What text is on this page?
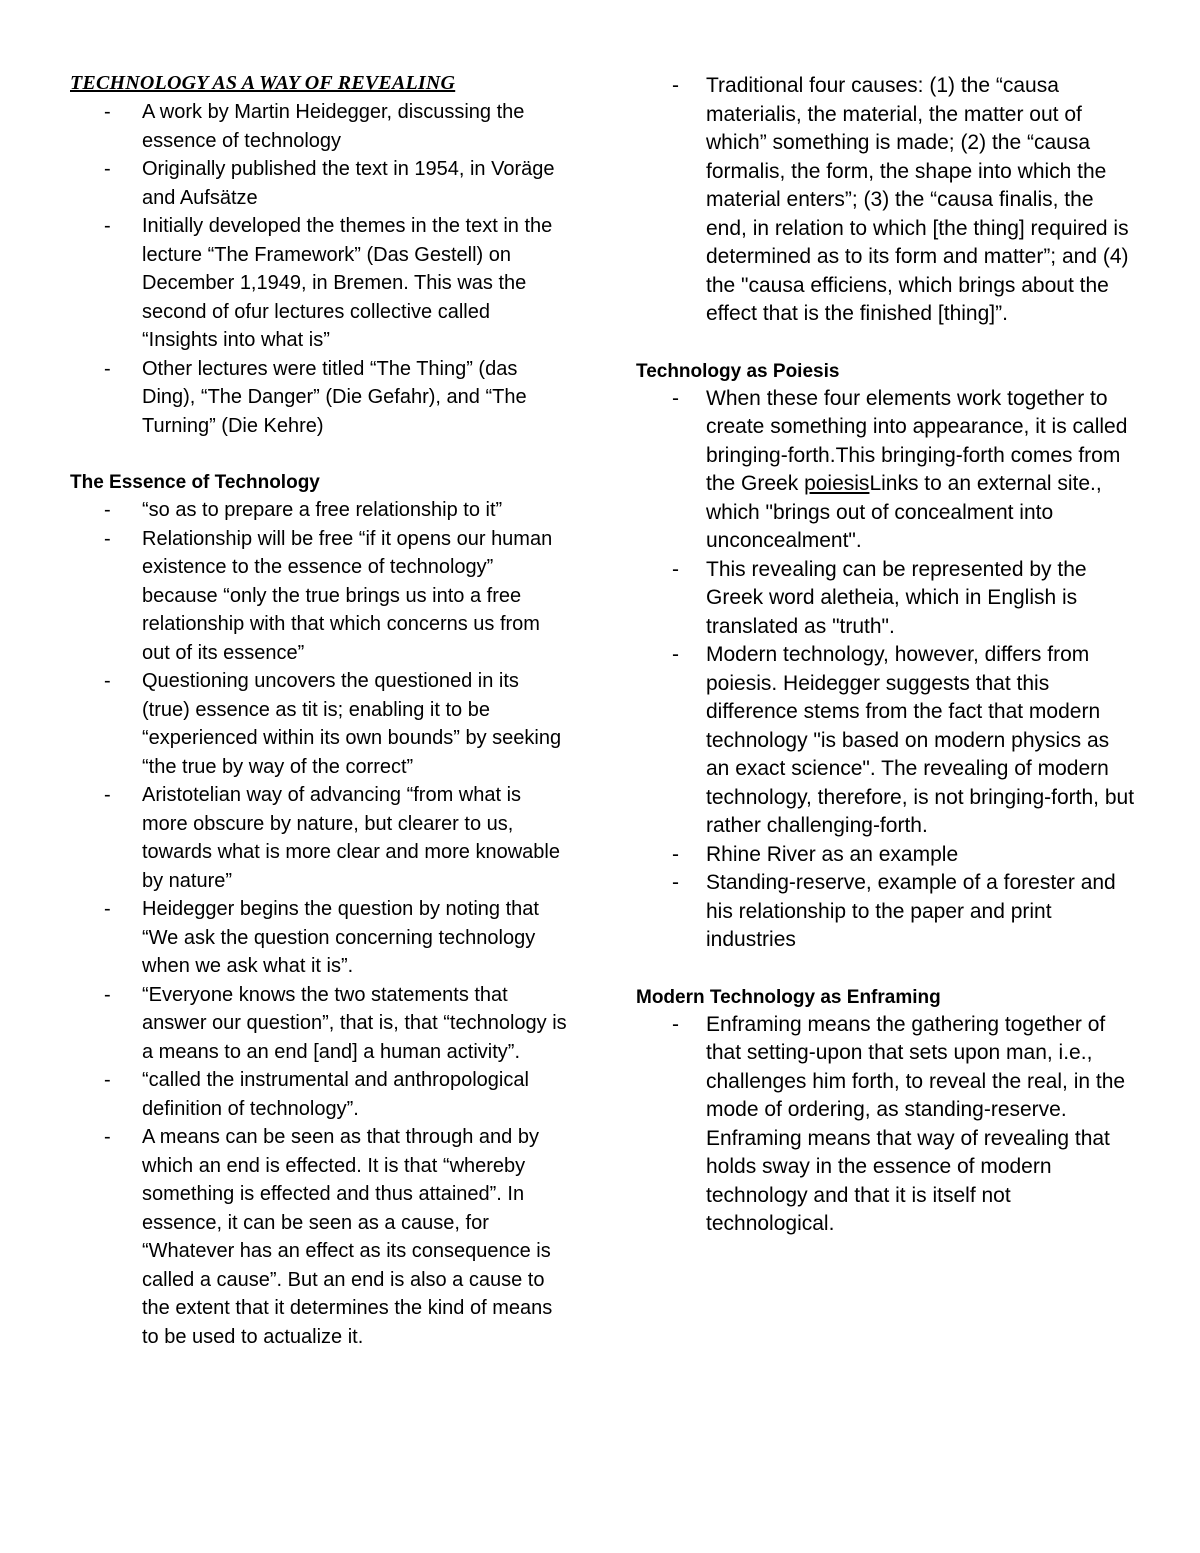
TECHNOLOGY AS A WAY OF REVEALING
- A work by Martin Heidegger, discussing the essence of technology
- Originally published the text in 1954, in Voräge and Aufsätze
- Initially developed the themes in the text in the lecture “The Framework” (Das Gestell) on December 1,1949, in Bremen. This was the second of ofur lectures collective called “Insights into what is”
- Other lectures were titled “The Thing” (das Ding), “The Danger” (Die Gefahr), and “The Turning” (Die Kehre)
The Essence of Technology
- “so as to prepare a free relationship to it”
- Relationship will be free “if it opens our human existence to the essence of technology” because “only the true brings us into a free relationship with that which concerns us from out of its essence”
- Questioning uncovers the questioned in its (true) essence as tit is; enabling it to be “experienced within its own bounds” by seeking “the true by way of the correct”
- Aristotelian way of advancing “from what is more obscure by nature, but clearer to us, towards what is more clear and more knowable by nature”
- Heidegger begins the question by noting that “We ask the question concerning technology when we ask what it is”.
- “Everyone knows the two statements that answer our question”, that is, that “technology is a means to an end [and] a human activity”.
- “called the instrumental and anthropological definition of technology”.
- A means can be seen as that through and by which an end is effected. It is that “whereby something is effected and thus attained”. In essence, it can be seen as a cause, for “Whatever has an effect as its consequence is called a cause”. But an end is also a cause to the extent that it determines the kind of means to be used to actualize it.
- Traditional four causes: (1) the “causa materialis, the material, the matter out of which” something is made; (2) the “causa formalis, the form, the shape into which the material enters”; (3) the “causa finalis, the end, in relation to which [the thing] required is determined as to its form and matter”; and (4) the "causa efficiens, which brings about the effect that is the finished [thing]”.
Technology as Poiesis
- When these four elements work together to create something into appearance, it is called bringing-forth.This bringing-forth comes from the Greek poiesisLinks to an external site., which "brings out of concealment into unconcealment".
- This revealing can be represented by the Greek word aletheia, which in English is translated as "truth".
- Modern technology, however, differs from poiesis. Heidegger suggests that this difference stems from the fact that modern technology "is based on modern physics as an exact science". The revealing of modern technology, therefore, is not bringing-forth, but rather challenging-forth.
- Rhine River as an example
- Standing-reserve, example of a forester and his relationship to the paper and print industries
Modern Technology as Enframing
- Enframing means the gathering together of that setting-upon that sets upon man, i.e., challenges him forth, to reveal the real, in the mode of ordering, as standing-reserve. Enframing means that way of revealing that holds sway in the essence of modern technology and that it is itself not technological.
